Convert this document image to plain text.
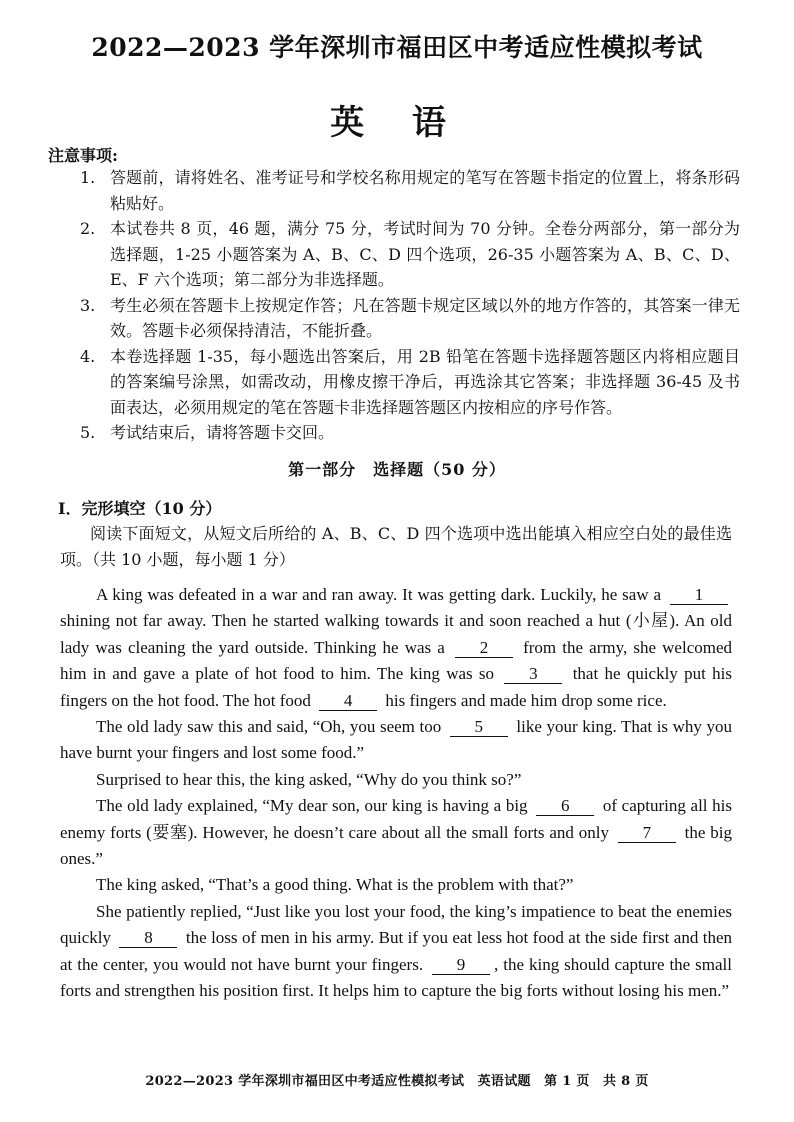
2022—2023 学年深圳市福田区中考适应性模拟考试
英 语
注意事项:
1. 答题前，请将姓名、准考证号和学校名称用规定的笔写在答题卡指定的位置上，将条形码粘贴好。
2. 本试卷共 8 页，46 题，满分 75 分，考试时间为 70 分钟。全卷分两部分，第一部分为选择题，1-25 小题答案为 A、B、C、D 四个选项，26-35 小题答案为 A、B、C、D、E、F 六个选项；第二部分为非选择题。
3. 考生必须在答题卡上按规定作答；凡在答题卡规定区域以外的地方作答的，其答案一律无效。答题卡必须保持清洁，不能折叠。
4. 本卷选择题 1-35，每小题选出答案后，用 2B 铅笔在答题卡选择题答题区内将相应题目的答案编号涂黑，如需改动，用橡皮擦干净后，再选涂其它答案；非选择题 36-45 及书面表达，必须用规定的笔在答题卡非选择题答题区内按相应的序号作答。
5. 考试结束后，请将答题卡交回。
第一部分　选择题（50 分）
I．完形填空（10 分）
阅读下面短文，从短文后所给的 A、B、C、D 四个选项中选出能填入相应空白处的最佳选项。（共 10 小题，每小题 1 分）

A king was defeated in a war and ran away. It was getting dark. Luckily, he saw a 1 shining not far away. Then he started walking towards it and soon reached a hut (小屋). An old lady was cleaning the yard outside. Thinking he was a 2 from the army, she welcomed him in and gave a plate of hot food to him. The king was so 3 that he quickly put his fingers on the hot food. The hot food 4 his fingers and made him drop some rice.

The old lady saw this and said, “Oh, you seem too 5 like your king. That is why you have burnt your fingers and lost some food.”

Surprised to hear this, the king asked, “Why do you think so?”

The old lady explained, “My dear son, our king is having a big 6 of capturing all his enemy forts (要塞). However, he doesn’t care about all the small forts and only 7 the big ones.”

The king asked, “That’s a good thing. What is the problem with that?”

She patiently replied, “Just like you lost your food, the king’s impatience to beat the enemies quickly 8 the loss of men in his army. But if you eat less hot food at the side first and then at the center, you would not have burnt your fingers. 9 , the king should capture the small forts and strengthen his position first. It helps him to capture the big forts without losing his men.”

2022—2023 学年深圳市福田区中考适应性模拟考试　英语试题　第 1 页　共 8 页
